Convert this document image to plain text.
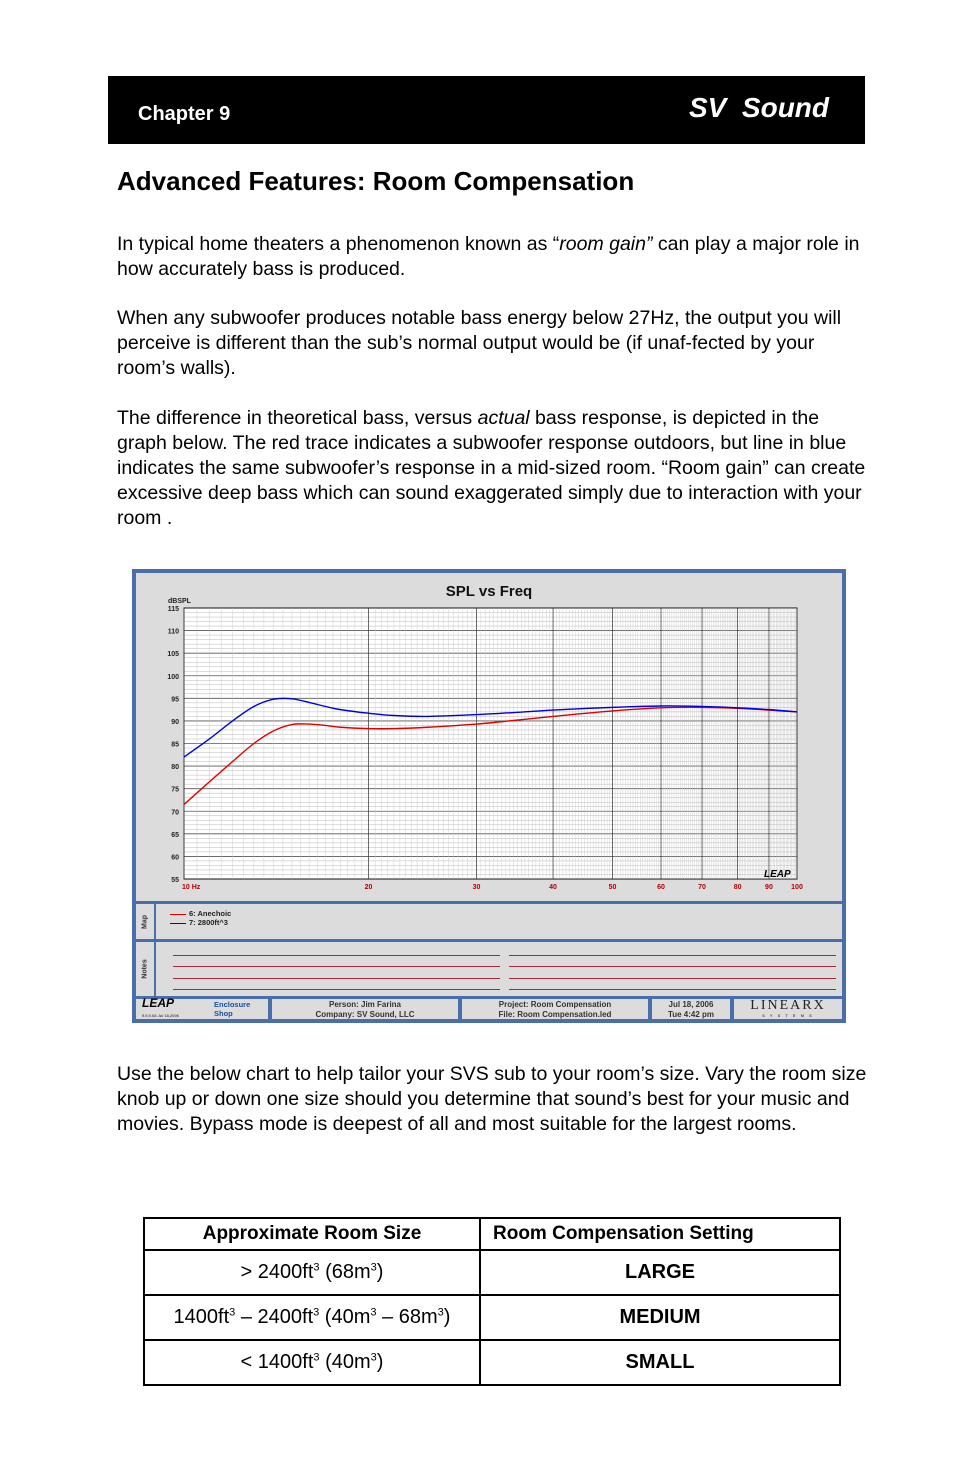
Chapter 9	SV  Sound
Advanced Features: Room Compensation

In typical home theaters a phenomenon known as “room gain” can play a major role in how accurately bass is produced.

When any subwoofer produces notable bass energy below 27Hz, the output you will perceive is different than the sub’s normal output would be (if unaf-fected by your room’s walls).

The difference in theoretical bass, versus actual bass response, is depicted in the graph below. The red trace indicates a subwoofer response outdoors, but line in blue indicates the same subwoofer’s response in a mid-sized room. “Room gain” can create excessive deep bass which can sound exaggerated simply due to interaction with your room .

SPL vs Freq
dBSPL
115
110
105
100
95
90
85
80
75
70
65
60
55
10 Hz	20	30	40	50	60	70	80	90	100
LEAP
Map
6: Anechoic
7: 2800ft^3
Notes
LEAP
5.0.0.68 Jul 18,2006
Enclosure
Shop
Person: Jim Farina
Company: SV Sound, LLC
Project: Room Compensation
File: Room Compensation.led
Jul 18, 2006
Tue 4:42 pm
LINEARX
S Y S T E M S

Use the below chart to help tailor your SVS sub to your room’s size. Vary the room size knob up or down one size should you determine that sound’s best for your music and movies. Bypass mode is deepest of all and most suitable for the largest rooms.

Approximate Room Size	Room Compensation Setting
> $2400ft^3$ $(68m^3)$	LARGE
$1400ft^3 - 2400ft^3$ $(40m^3 - 68m^3)$	MEDIUM
< $1400ft^3$ $(40m^3)$	SMALL
